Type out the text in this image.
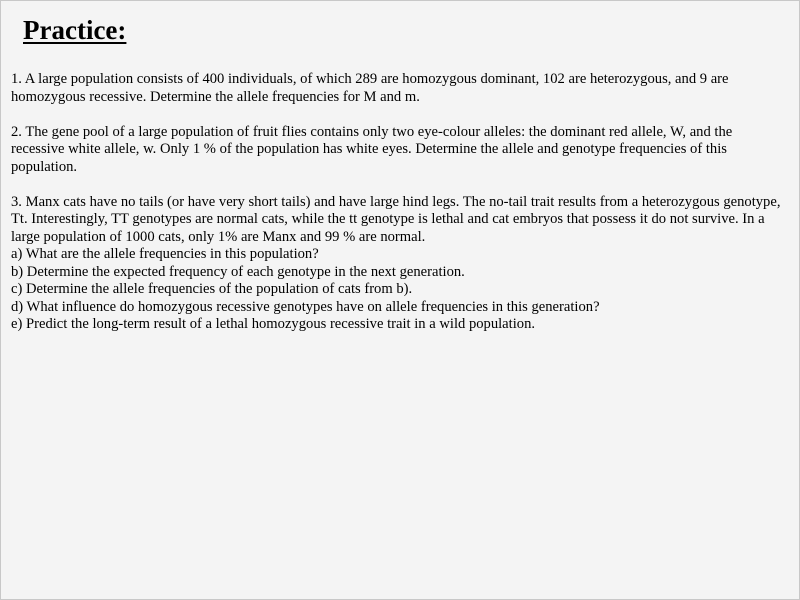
Practice:

1. A large population consists of 400 individuals, of which 289 are homozygous dominant, 102 are heterozygous, and 9 are homozygous recessive. Determine the allele frequencies for M and m.

2. The gene pool of a large population of fruit flies contains only two eye-colour alleles: the dominant red allele, W, and the recessive white allele, w. Only 1 % of the population has white eyes. Determine the allele and genotype frequencies of this population.

3. Manx cats have no tails (or have very short tails) and have large hind legs. The no-tail trait results from a heterozygous genotype, Tt. Interestingly, TT genotypes are normal cats, while the tt genotype is lethal and cat embryos that possess it do not survive. In a large population of 1000 cats, only 1% are Manx and 99 % are normal.

a) What are the allele frequencies in this population?
b) Determine the expected frequency of each genotype in the next generation.
c) Determine the allele frequencies of the population of cats from b).
d) What influence do homozygous recessive genotypes have on allele frequencies in this generation?
e) Predict the long-term result of a lethal homozygous recessive trait in a wild population.
